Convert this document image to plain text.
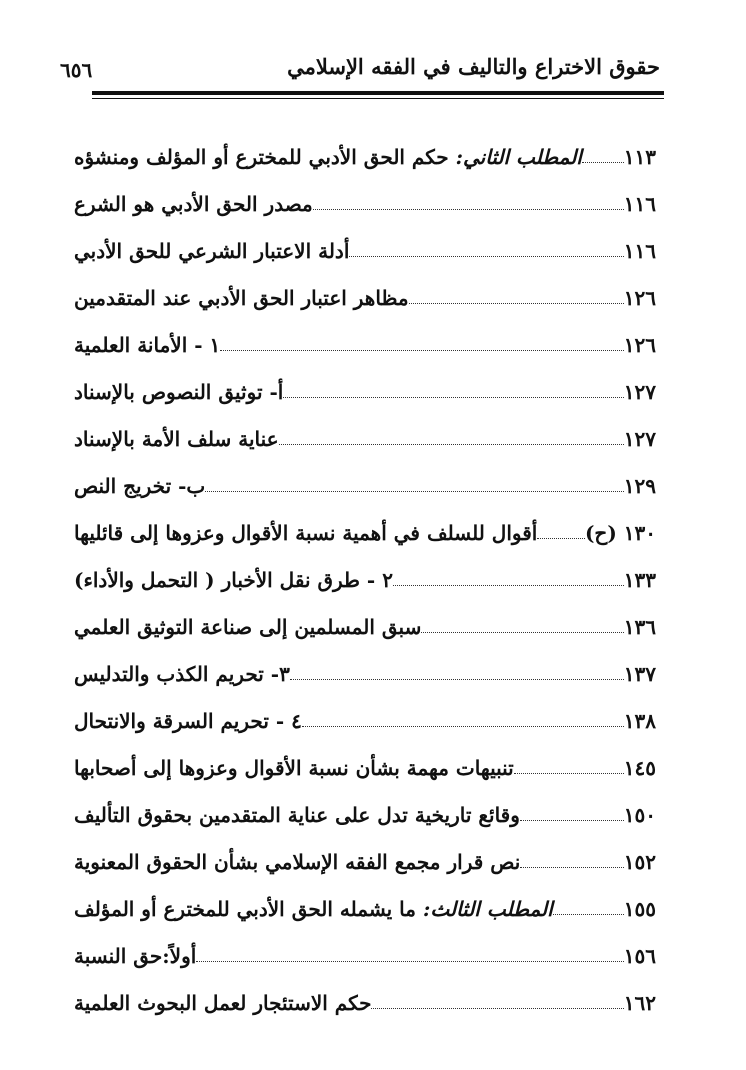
حقوق الاختراع والتاليف في الفقه الإسلامي
٦٥٦
المطلب الثاني: حكم الحق الأدبي للمخترع أو المؤلف ومنشؤه	١١٣
مصدر الحق الأدبي هو الشرع	١١٦
أدلة الاعتبار الشرعي للحق الأدبي	١١٦
مظاهر اعتبار الحق الأدبي عند المتقدمين	١٢٦
١ - الأمانة العلمية	١٢٦
أ- توثيق النصوص بالإسناد	١٢٧
عناية سلف الأمة بالإسناد	١٢٧
ب- تخريج النص	١٢٩
أقوال للسلف في أهمية نسبة الأقوال وعزوها إلى قائليها ١٣٠ (ح)
٢ - طرق نقل الأخبار ( التحمل والأداء)	١٣٣
سبق المسلمين إلى صناعة التوثيق العلمي	١٣٦
٣- تحريم الكذب والتدليس	١٣٧
٤ - تحريم السرقة والانتحال	١٣٨
تنبيهات مهمة بشأن نسبة الأقوال وعزوها إلى أصحابها	١٤٥
وقائع تاريخية تدل على عناية المتقدمين بحقوق التأليف	١٥٠
نص قرار مجمع الفقه الإسلامي بشأن الحقوق المعنوية	١٥٢
المطلب الثالث: ما يشمله الحق الأدبي للمخترع أو المؤلف	١٥٥
أولاً:حق النسبة	١٥٦
حكم الاستئجار لعمل البحوث العلمية	١٦٢
